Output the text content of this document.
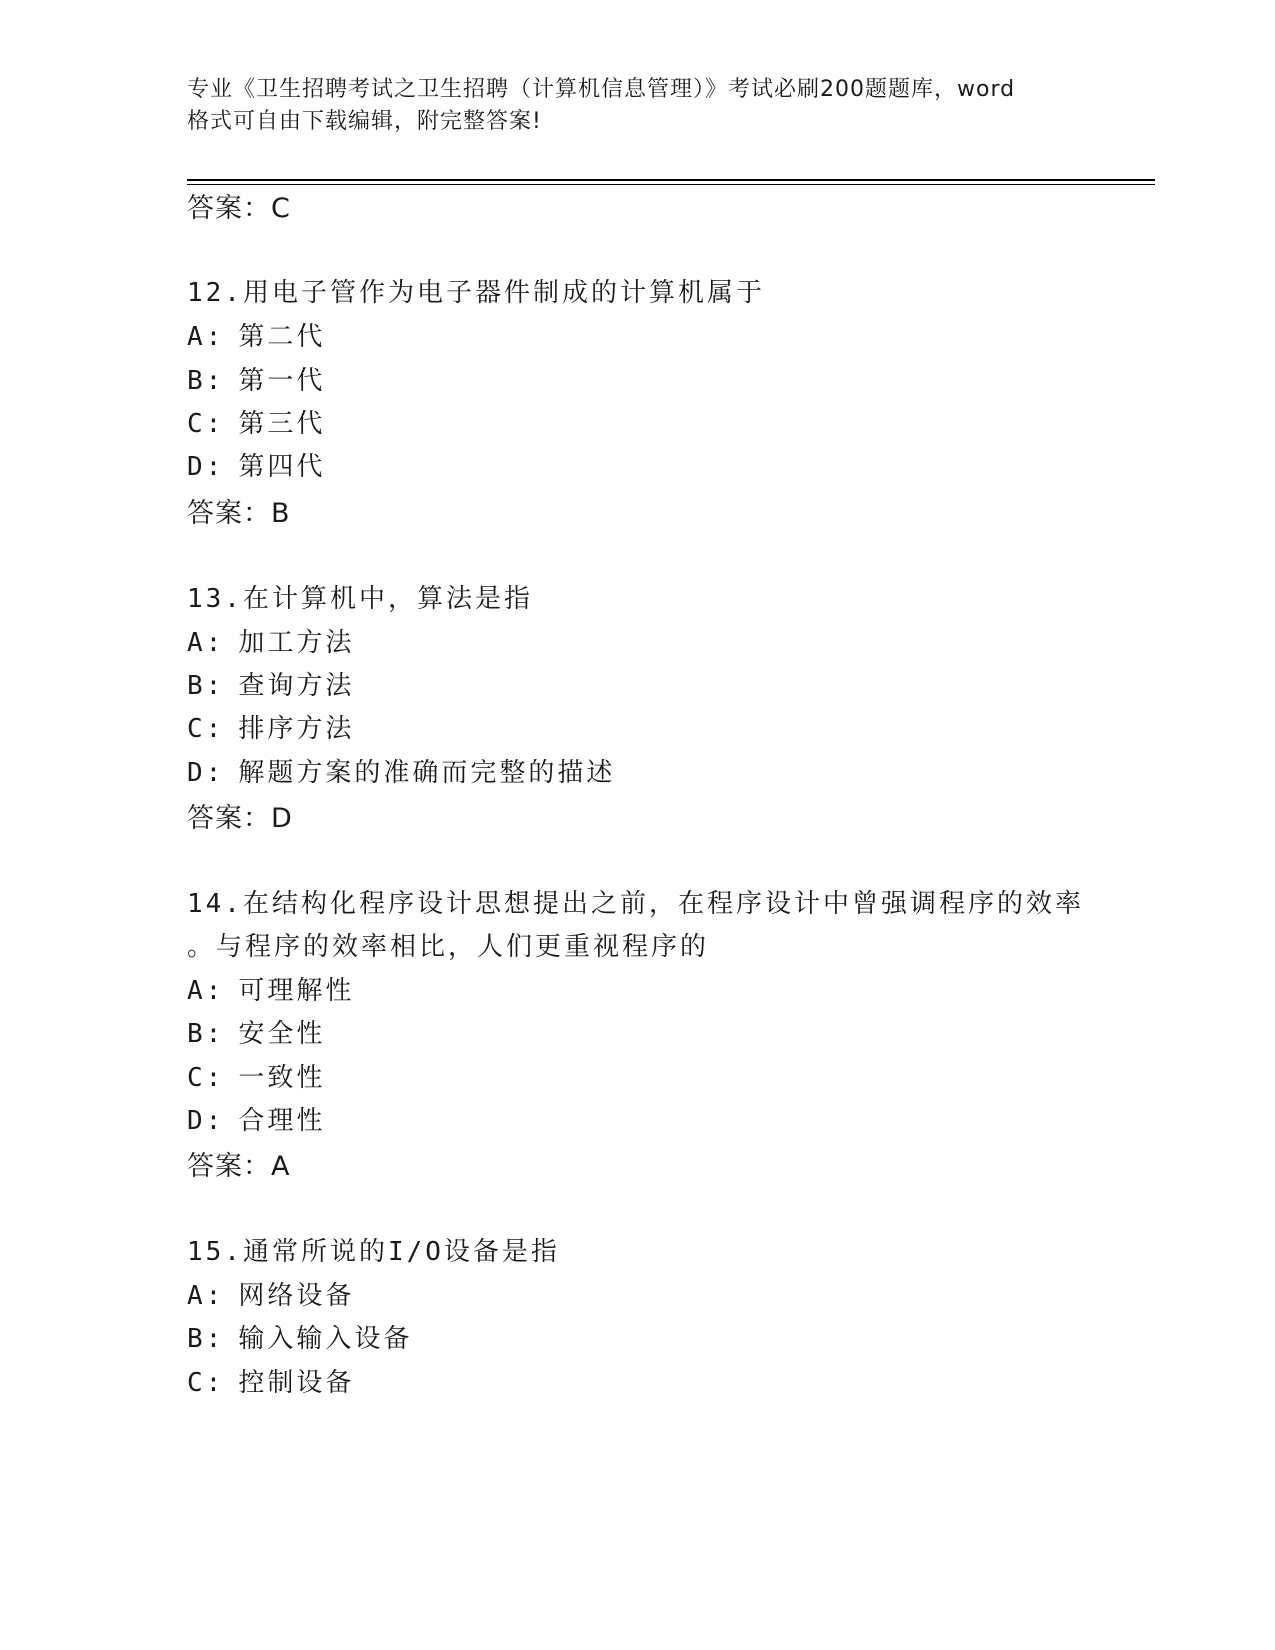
专业《卫生招聘考试之卫生招聘（计算机信息管理）》考试必刷200题题库，word
格式可自由下载编辑，附完整答案!
答案：C
12.用电子管作为电子器件制成的计算机属于
A: 第二代
B: 第一代
C: 第三代
D: 第四代
答案：B
13.在计算机中，算法是指
A: 加工方法
B: 查询方法
C: 排序方法
D: 解题方案的准确而完整的描述
答案：D
14.在结构化程序设计思想提出之前，在程序设计中曾强调程序的效率
。与程序的效率相比，人们更重视程序的
A: 可理解性
B: 安全性
C: 一致性
D: 合理性
答案：A
15.通常所说的I/O设备是指
A: 网络设备
B: 输入输入设备
C: 控制设备
